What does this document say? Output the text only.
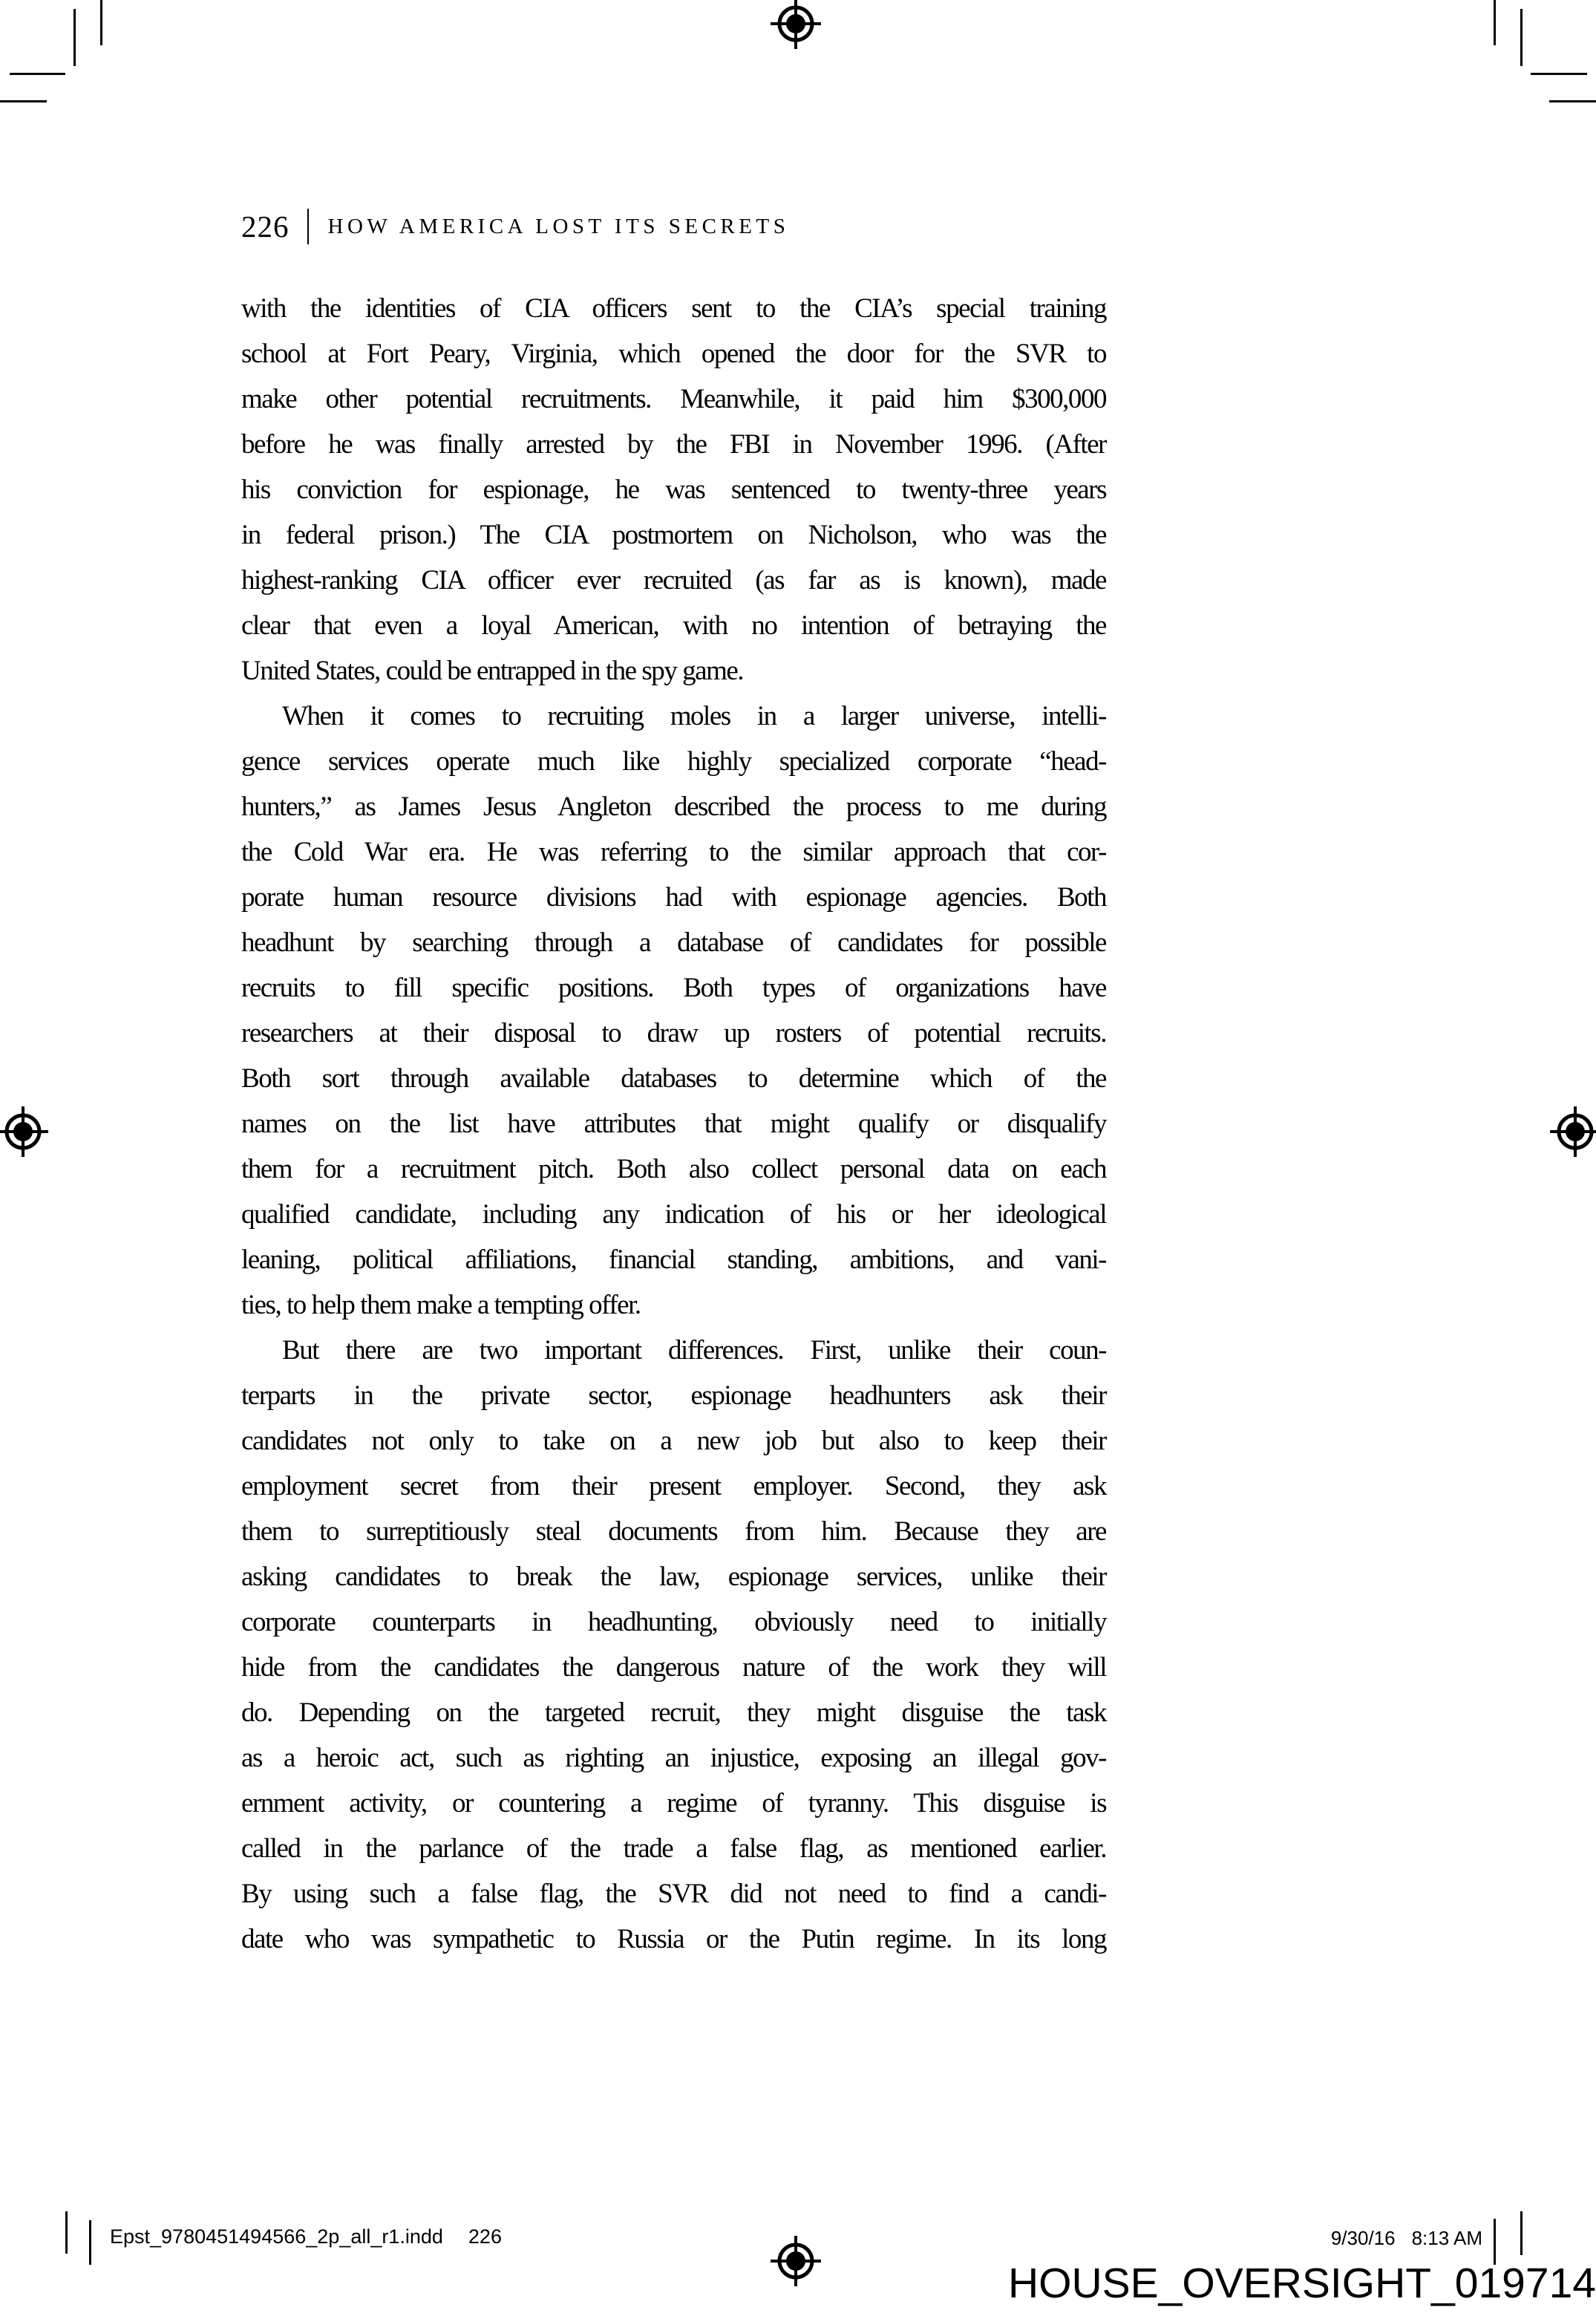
226 HOW AMERICA LOST ITS SECRETS
with the identities of CIA officers sent to the CIA’s special training
school at Fort Peary, Virginia, which opened the door for the SVR to
make other potential recruitments. Meanwhile, it paid him $300,000
before he was finally arrested by the FBI in November 1996. (After
his conviction for espionage, he was sentenced to twenty-three years
in federal prison.) The CIA postmortem on Nicholson, who was the
highest-ranking CIA officer ever recruited (as far as is known), made
clear that even a loyal American, with no intention of betraying the
United States, could be entrapped in the spy game.
When it comes to recruiting moles in a larger universe, intelli-
gence services operate much like highly specialized corporate “head-
hunters,” as James Jesus Angleton described the process to me during
the Cold War era. He was referring to the similar approach that cor-
porate human resource divisions had with espionage agencies. Both
headhunt by searching through a database of candidates for possible
recruits to fill specific positions. Both types of organizations have
researchers at their disposal to draw up rosters of potential recruits.
Both sort through available databases to determine which of the
names on the list have attributes that might qualify or disqualify
them for a recruitment pitch. Both also collect personal data on each
qualified candidate, including any indication of his or her ideological
leaning, political affiliations, financial standing, ambitions, and vani-
ties, to help them make a tempting offer.
But there are two important differences. First, unlike their coun-
terparts in the private sector, espionage headhunters ask their
candidates not only to take on a new job but also to keep their
employment secret from their present employer. Second, they ask
them to surreptitiously steal documents from him. Because they are
asking candidates to break the law, espionage services, unlike their
corporate counterparts in headhunting, obviously need to initially
hide from the candidates the dangerous nature of the work they will
do. Depending on the targeted recruit, they might disguise the task
as a heroic act, such as righting an injustice, exposing an illegal gov-
ernment activity, or countering a regime of tyranny. This disguise is
called in the parlance of the trade a false flag, as mentioned earlier.
By using such a false flag, the SVR did not need to find a candi-
date who was sympathetic to Russia or the Putin regime. In its long
Epst_9780451494566_2p_all_r1.indd 226	9/30/16 8:13 AM
HOUSE_OVERSIGHT_019714
